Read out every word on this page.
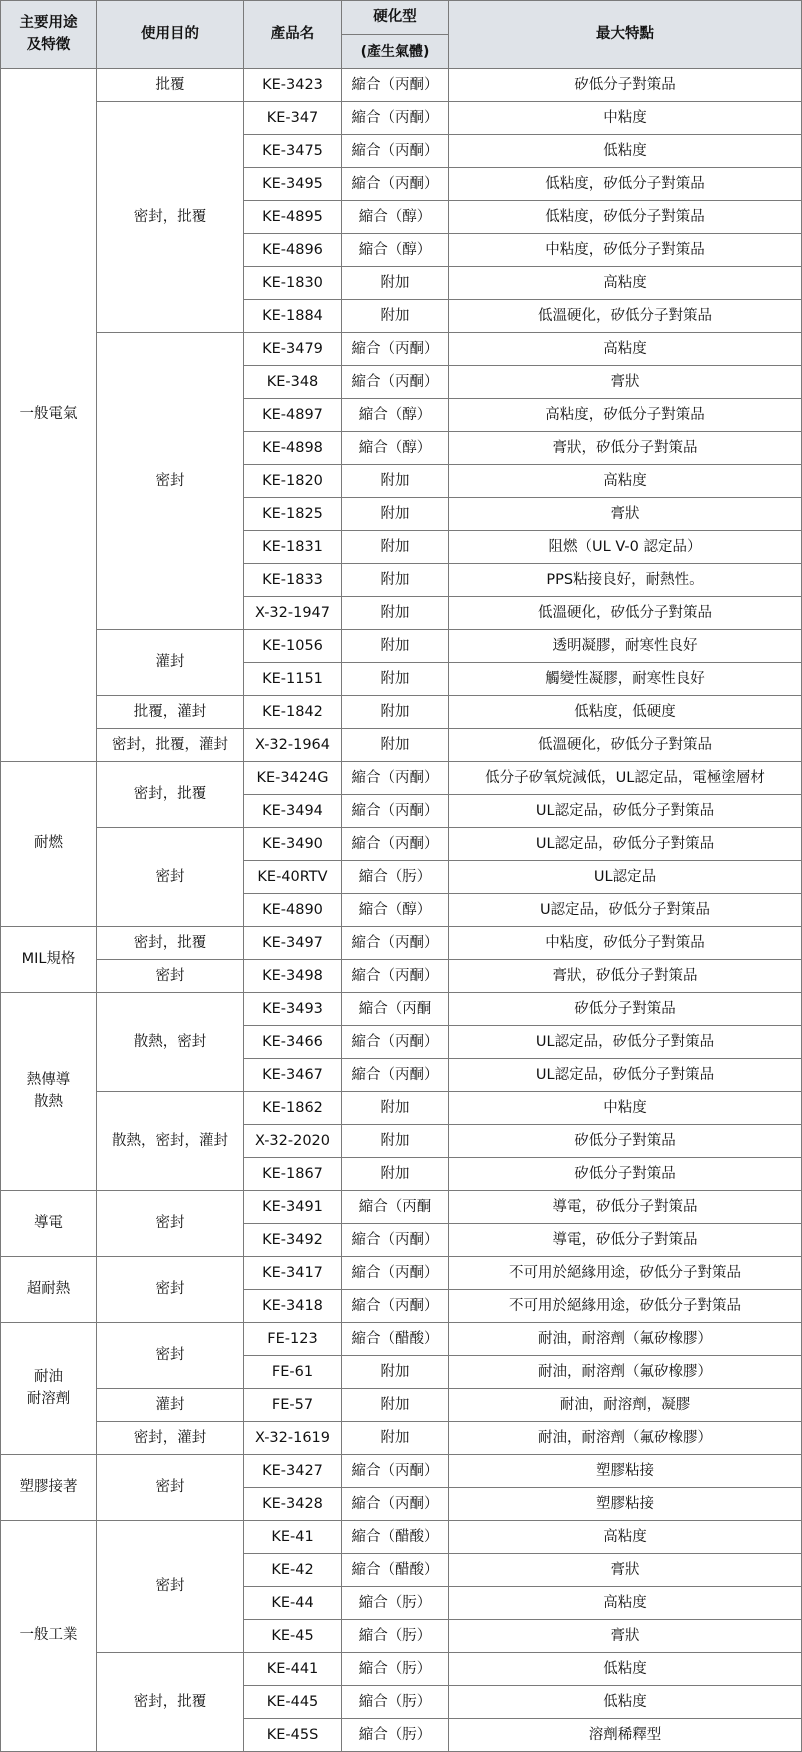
主要用途
及特徵	使用目的	產品名	硬化型	最大特點
			(產生氣體)	
一般電氣	批覆	KE-3423	縮合（丙酮）	矽低分子對策品
	密封，批覆	KE-347	縮合（丙酮）	中粘度
		KE-3475	縮合（丙酮）	低粘度
		KE-3495	縮合（丙酮）	低粘度，矽低分子對策品
		KE-4895	縮合（醇）	低粘度，矽低分子對策品
		KE-4896	縮合（醇）	中粘度，矽低分子對策品
		KE-1830	附加	高粘度
		KE-1884	附加	低溫硬化，矽低分子對策品
	密封	KE-3479	縮合（丙酮）	高粘度
		KE-348	縮合（丙酮）	膏狀
		KE-4897	縮合（醇）	高粘度，矽低分子對策品
		KE-4898	縮合（醇）	膏狀，矽低分子對策品
		KE-1820	附加	高粘度
		KE-1825	附加	膏狀
		KE-1831	附加	阻燃（UL V-0 認定品）
		KE-1833	附加	PPS粘接良好，耐熱性。
		X-32-1947	附加	低溫硬化，矽低分子對策品
	灌封	KE-1056	附加	透明凝膠，耐寒性良好
		KE-1151	附加	觸變性凝膠，耐寒性良好
	批覆，灌封	KE-1842	附加	低粘度，低硬度
	密封，批覆，灌封	X-32-1964	附加	低溫硬化，矽低分子對策品
耐燃	密封，批覆	KE-3424G	縮合（丙酮）	低分子矽氧烷減低，UL認定品，電極塗層材
		KE-3494	縮合（丙酮）	UL認定品，矽低分子對策品
	密封	KE-3490	縮合（丙酮）	UL認定品，矽低分子對策品
		KE-40RTV	縮合（肟）	UL認定品
		KE-4890	縮合（醇）	U認定品，矽低分子對策品
MIL規格	密封，批覆	KE-3497	縮合（丙酮）	中粘度，矽低分子對策品
	密封	KE-3498	縮合（丙酮）	膏狀，矽低分子對策品
熱傳導
散熱	散熱，密封	KE-3493	縮合（丙酮	矽低分子對策品
		KE-3466	縮合（丙酮）	UL認定品，矽低分子對策品
		KE-3467	縮合（丙酮）	UL認定品，矽低分子對策品
	散熱，密封，灌封	KE-1862	附加	中粘度
		X-32-2020	附加	矽低分子對策品
		KE-1867	附加	矽低分子對策品
導電	密封	KE-3491	縮合（丙酮	導電，矽低分子對策品
		KE-3492	縮合（丙酮）	導電，矽低分子對策品
超耐熱	密封	KE-3417	縮合（丙酮）	不可用於絕緣用途，矽低分子對策品
		KE-3418	縮合（丙酮）	不可用於絕緣用途，矽低分子對策品
耐油
耐溶劑	密封	FE-123	縮合（醋酸）	耐油，耐溶劑（氟矽橡膠）
		FE-61	附加	耐油，耐溶劑（氟矽橡膠）
	灌封	FE-57	附加	耐油，耐溶劑，凝膠
	密封，灌封	X-32-1619	附加	耐油，耐溶劑（氟矽橡膠）
塑膠接著	密封	KE-3427	縮合（丙酮）	塑膠粘接
		KE-3428	縮合（丙酮）	塑膠粘接
一般工業	密封	KE-41	縮合（醋酸）	高粘度
		KE-42	縮合（醋酸）	膏狀
		KE-44	縮合（肟）	高粘度
		KE-45	縮合（肟）	膏狀
	密封，批覆	KE-441	縮合（肟）	低粘度
		KE-445	縮合（肟）	低粘度
		KE-45S	縮合（肟）	溶劑稀釋型
